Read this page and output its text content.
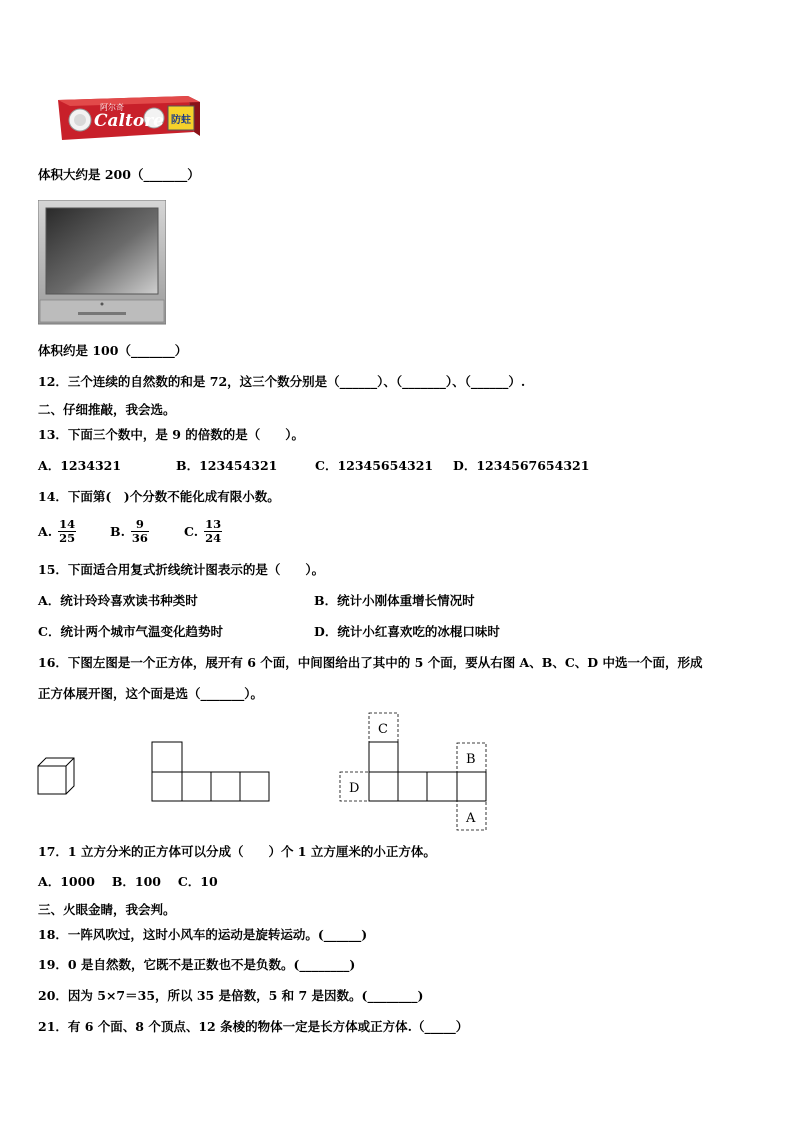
防蛀
Caltore
阿尔奇
体积大约是 200（_______）
体积约是 100（_______）
12．三个连续的自然数的和是 72，这三个数分别是（______）、（_______）、（______）.
二、仔细推敲，我会选。
13．下面三个数中，是 9 的倍数的是（　　）。
A．1234321	B．123454321	C．12345654321 D．1234567654321
14．下面第(　)个分数不能化成有限小数。
A. $\frac{14}{25}$	B. $\frac{9}{36}$	C. $\frac{13}{24}$
15．下面适合用复式折线统计图表示的是（　　）。
A．统计玲玲喜欢读书种类时	B．统计小刚体重增长情况时
C．统计两个城市气温变化趋势时	D．统计小红喜欢吃的冰棍口味时
16．下图左图是一个正方体，展开有 6 个面，中间图给出了其中的 5 个面，要从右图 A、B、C、D 中选一个面，形成
正方体展开图，这个面是选（_______）。
C
B
D
A
17．1 立方分米的正方体可以分成（　　）个 1 立方厘米的小正方体。
A．1000　 B．100　 C．10
三、火眼金睛，我会判。
18．一阵风吹过，这时小风车的运动是旋转运动。(______)
19．0 是自然数，它既不是正数也不是负数。(________)
20．因为 5×7＝35，所以 35 是倍数，5 和 7 是因数。(________)
21．有 6 个面、8 个顶点、12 条棱的物体一定是长方体或正方体.（_____）
